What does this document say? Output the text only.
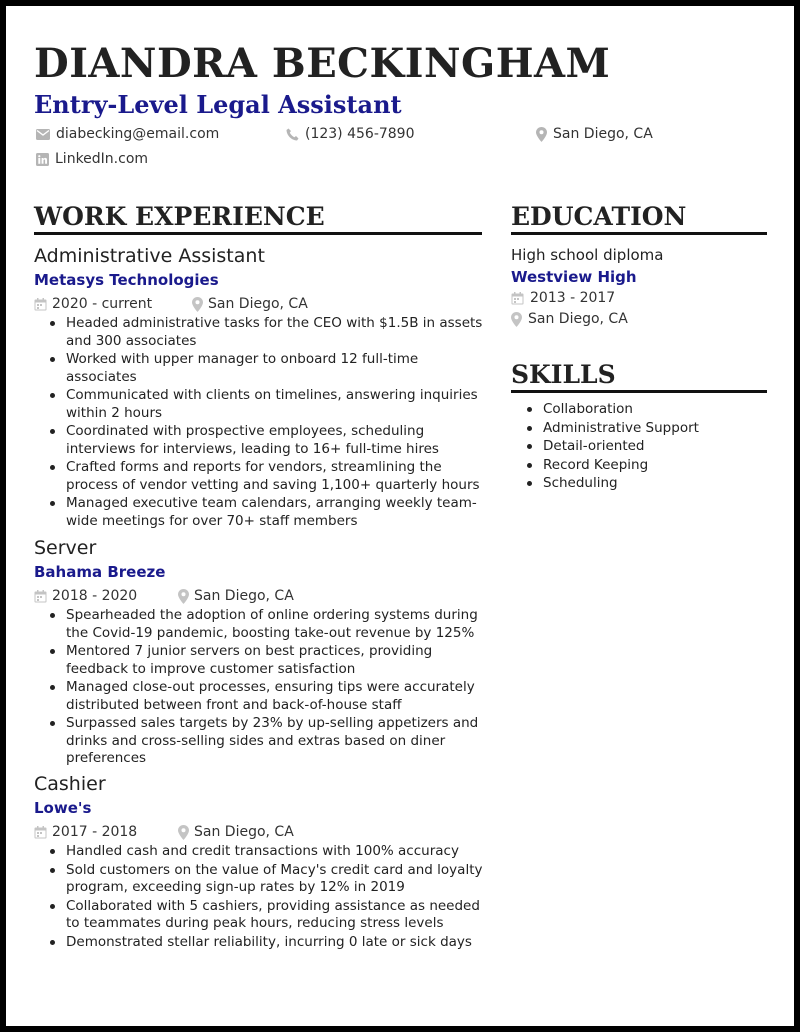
DIANDRA BECKINGHAM
Entry-Level Legal Assistant
diabecking@email.com	(123) 456-7890	San Diego, CA
LinkedIn.com
WORK EXPERIENCE
Administrative Assistant
Metasys Technologies
2020 - current	San Diego, CA
Headed administrative tasks for the CEO with $1.5B in assets and 300 associates
Worked with upper manager to onboard 12 full-time associates
Communicated with clients on timelines, answering inquiries within 2 hours
Coordinated with prospective employees, scheduling interviews for interviews, leading to 16+ full-time hires
Crafted forms and reports for vendors, streamlining the process of vendor vetting and saving 1,100+ quarterly hours
Managed executive team calendars, arranging weekly team-wide meetings for over 70+ staff members
Server
Bahama Breeze
2018 - 2020	San Diego, CA
Spearheaded the adoption of online ordering systems during the Covid-19 pandemic, boosting take-out revenue by 125%
Mentored 7 junior servers on best practices, providing feedback to improve customer satisfaction
Managed close-out processes, ensuring tips were accurately distributed between front and back-of-house staff
Surpassed sales targets by 23% by up-selling appetizers and drinks and cross-selling sides and extras based on diner preferences
Cashier
Lowe's
2017 - 2018	San Diego, CA
Handled cash and credit transactions with 100% accuracy
Sold customers on the value of Macy's credit card and loyalty program, exceeding sign-up rates by 12% in 2019
Collaborated with 5 cashiers, providing assistance as needed to teammates during peak hours, reducing stress levels
Demonstrated stellar reliability, incurring 0 late or sick days
EDUCATION
High school diploma
Westview High
2013 - 2017
San Diego, CA
SKILLS
Collaboration
Administrative Support
Detail-oriented
Record Keeping
Scheduling
